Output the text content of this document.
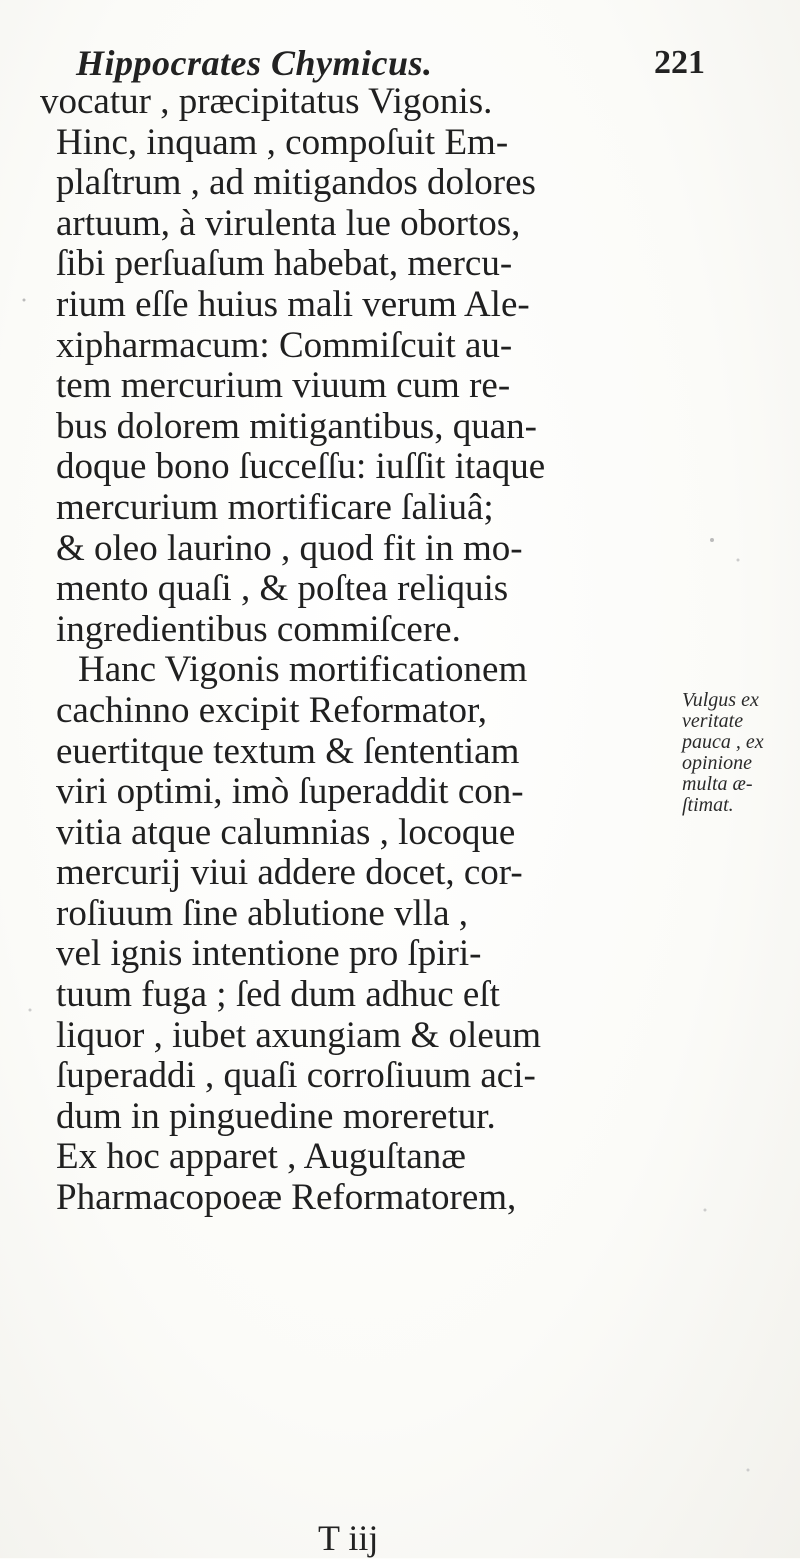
Hippocrates Chymicus.	221
vocatur , præcipitatus Vigonis.
Hinc, inquam , compoſuit Em-
plaſtrum , ad mitigandos dolores
artuum, à virulenta lue obortos,
ſibi perſuaſum habebat, mercu-
rium eſſe huius mali verum Ale-
xipharmacum: Commiſcuit au-
tem mercurium viuum cum re-
bus dolorem mitigantibus, quan-
doque bono ſucceſſu: iuſſit itaque
mercurium mortificare ſaliuâ;
& oleo laurino , quod fit in mo-
mento quaſi , & poſtea reliquis
ingredientibus commiſcere.
Hanc Vigonis mortificationem
cachinno excipit Reformator,
euertitque textum & ſententiam
viri optimi, imò ſuperaddit con-
vitia atque calumnias , locoque
mercurij viui addere docet, cor-
roſiuum ſine ablutione vlla ,
vel ignis intentione pro ſpiri-
tuum fuga ; ſed dum adhuc eſt
liquor , iubet axungiam & oleum
ſuperaddi , quaſi corroſiuum aci-
dum in pinguedine moreretur.
Ex hoc apparet , Auguſtanæ
Pharmacopoeæ Reformatorem,
Vulgus ex
veritate
pauca , ex
opinione
multa æ-
ſtimat.
T iij
